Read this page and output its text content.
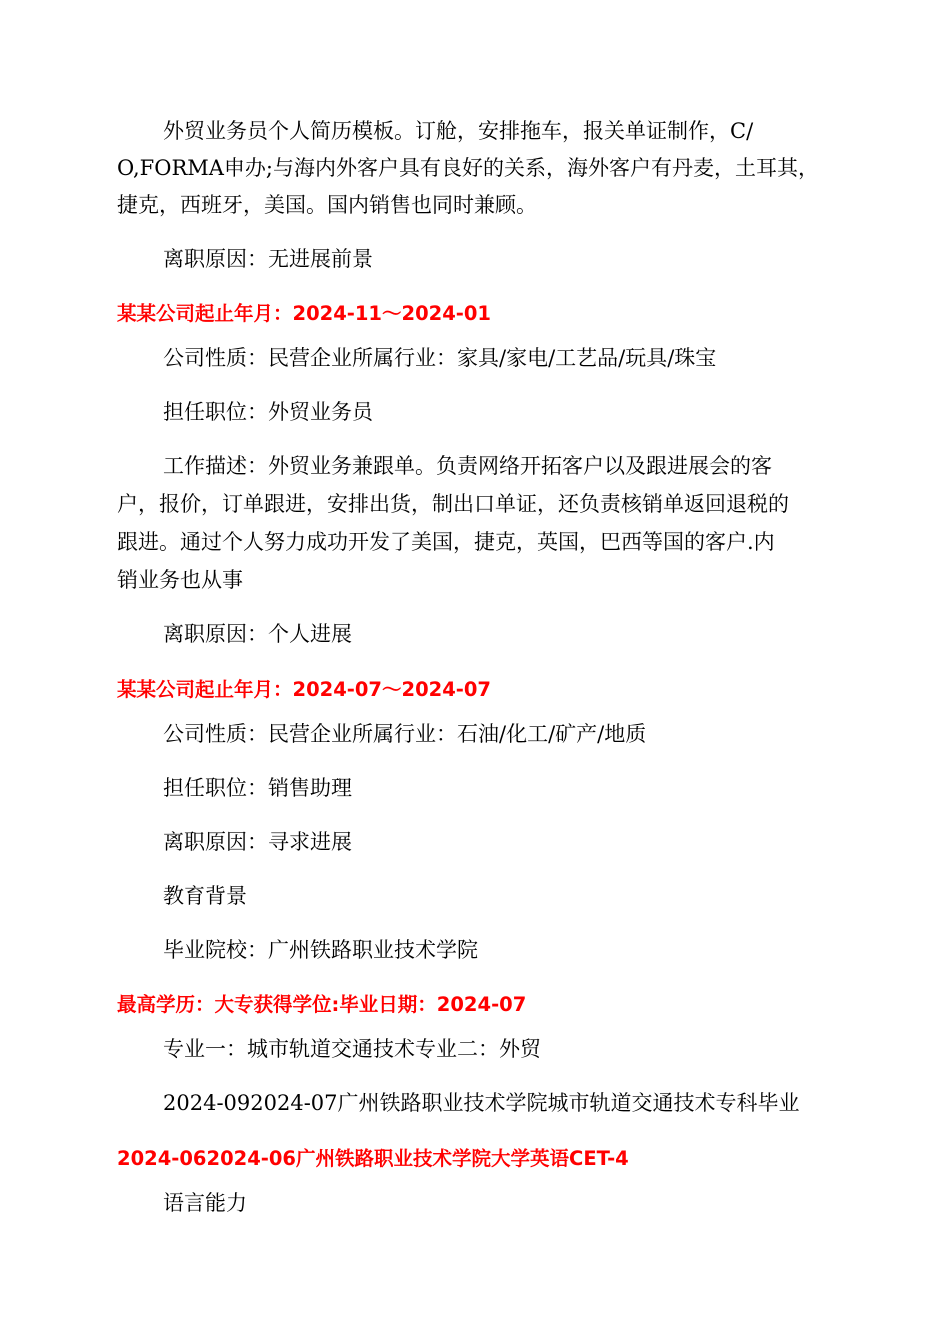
外贸业务员个人简历模板。订舱，安排拖车，报关单证制作，C/
O,FORMA申办;与海内外客户具有良好的关系，海外客户有丹麦，土耳其，
捷克，西班牙，美国。国内销售也同时兼顾。
离职原因：无进展前景
某某公司起止年月：2024-11～2024-01
公司性质：民营企业所属行业：家具/家电/工艺品/玩具/珠宝
担任职位：外贸业务员
工作描述：外贸业务兼跟单。负责网络开拓客户以及跟进展会的客
户，报价，订单跟进，安排出货，制出口单证，还负责核销单返回退税的
跟进。通过个人努力成功开发了美国，捷克，英国，巴西等国的客户.内
销业务也从事
离职原因：个人进展
某某公司起止年月：2024-07～2024-07
公司性质：民营企业所属行业：石油/化工/矿产/地质
担任职位：销售助理
离职原因：寻求进展
教育背景
毕业院校：广州铁路职业技术学院
最高学历：大专获得学位:毕业日期：2024-07
专业一：城市轨道交通技术专业二：外贸
2024-092024-07广州铁路职业技术学院城市轨道交通技术专科毕业
2024-062024-06广州铁路职业技术学院大学英语CET-4
语言能力
